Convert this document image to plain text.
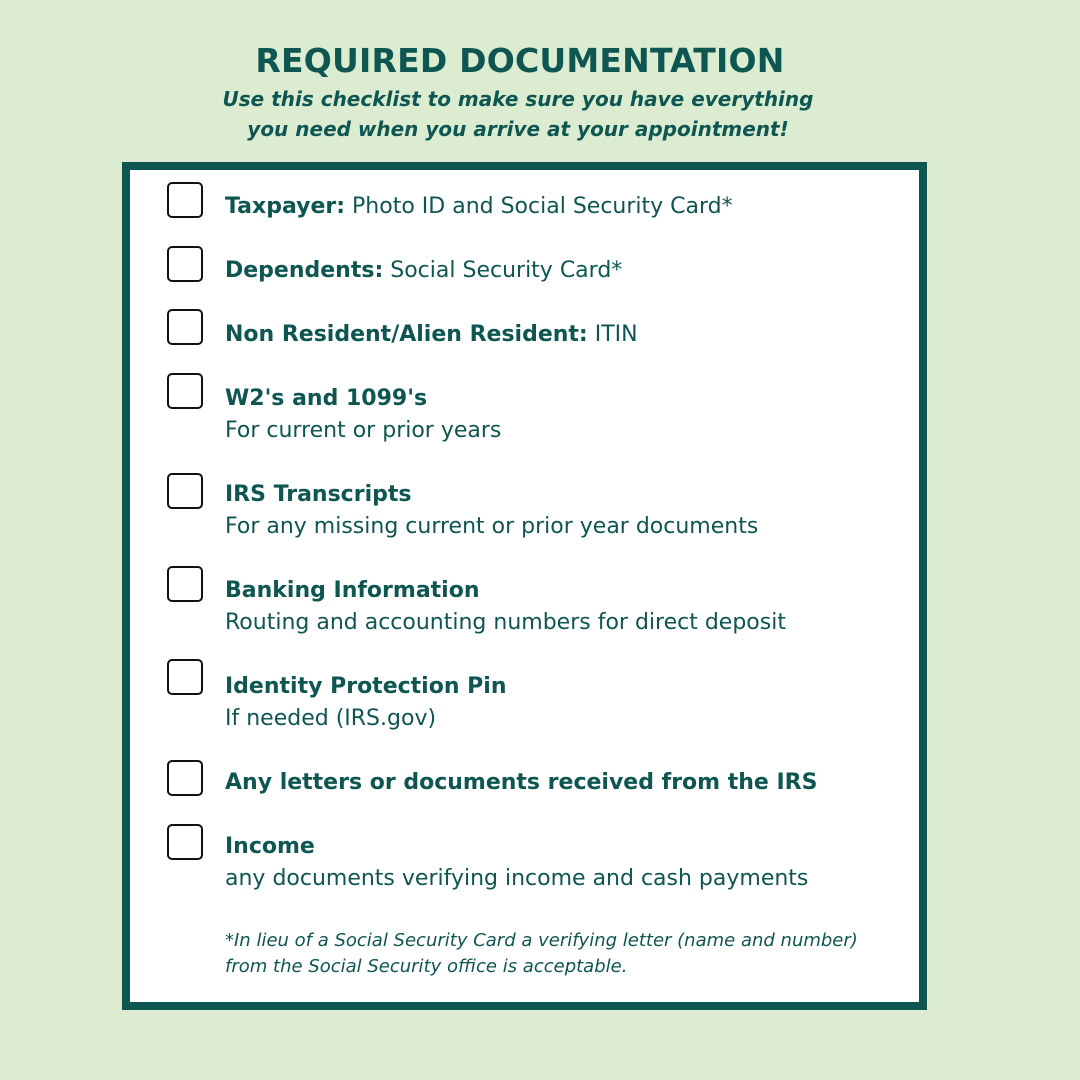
REQUIRED DOCUMENTATION
Use this checklist to make sure you have everything
you need when you arrive at your appointment!
Taxpayer: Photo ID and Social Security Card*
Dependents: Social Security Card*
Non Resident/Alien Resident: ITIN
W2's and 1099's
For current or prior years
IRS Transcripts
For any missing current or prior year documents
Banking Information
Routing and accounting numbers for direct deposit
Identity Protection Pin
If needed (IRS.gov)
Any letters or documents received from the IRS
Income
any documents verifying income and cash payments
*In lieu of a Social Security Card a verifying letter (name and number)
from the Social Security office is acceptable.
